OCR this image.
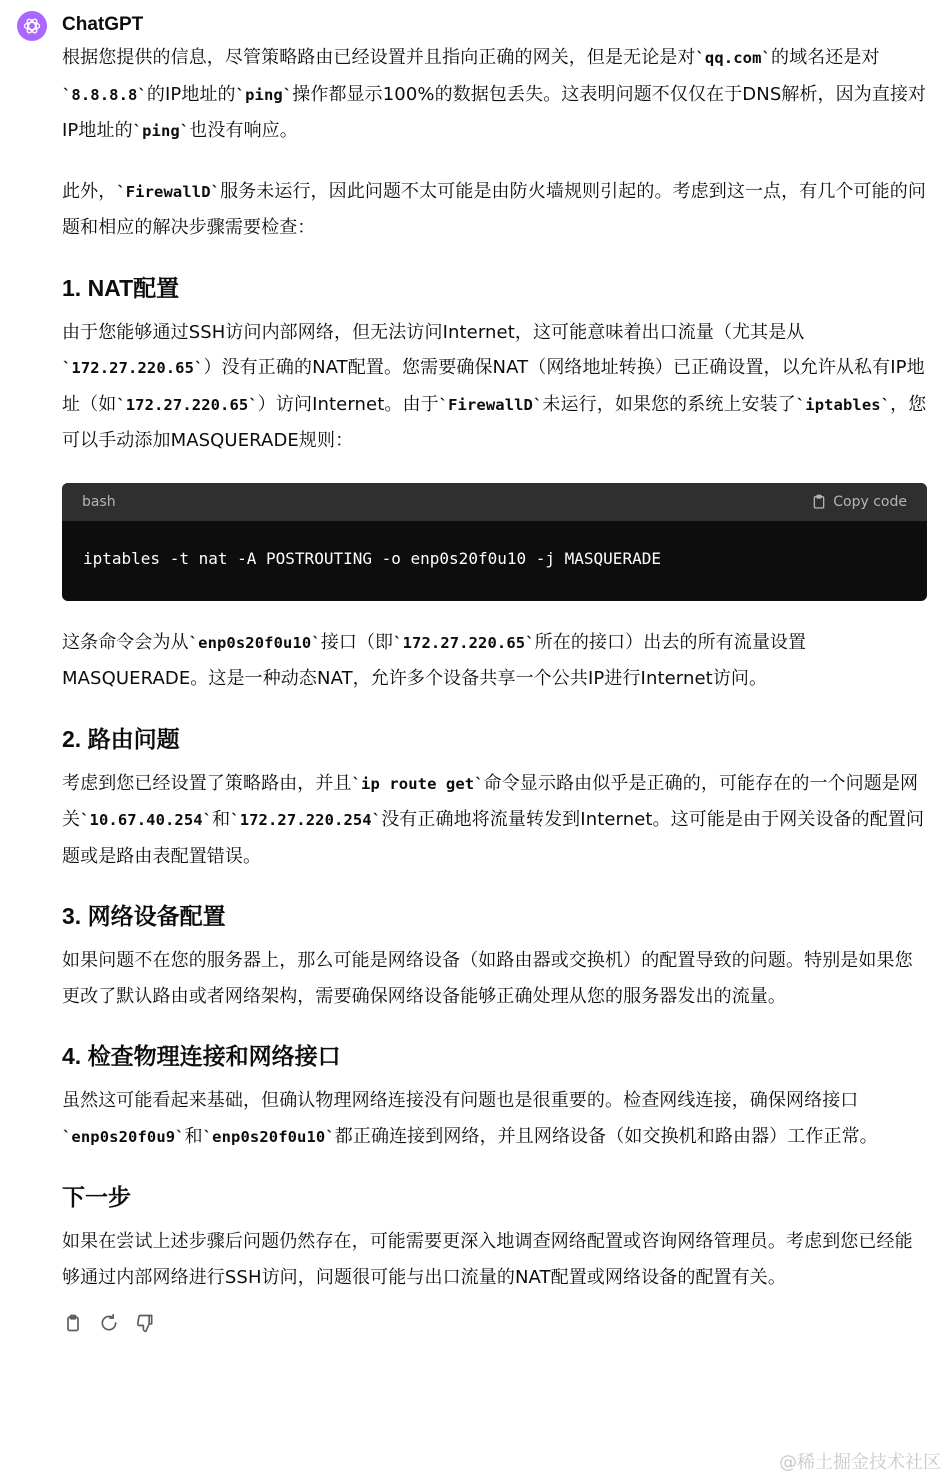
ChatGPT

根据您提供的信息，尽管策略路由已经设置并且指向正确的网关，但是无论是对`qq.com`的域名还是对`8.8.8.8`的IP地址的`ping`操作都显示100%的数据包丢失。这表明问题不仅仅在于DNS解析，因为直接对IP地址的`ping`也没有响应。

此外，`FirewallD`服务未运行，因此问题不太可能是由防火墙规则引起的。考虑到这一点，有几个可能的问题和相应的解决步骤需要检查：

1. NAT配置

由于您能够通过SSH访问内部网络，但无法访问Internet，这可能意味着出口流量（尤其是从`172.27.220.65`）没有正确的NAT配置。您需要确保NAT（网络地址转换）已正确设置，以允许从私有IP地址（如`172.27.220.65`）访问Internet。由于`FirewallD`未运行，如果您的系统上安装了`iptables`，您可以手动添加MASQUERADE规则：

bash	Copy code
iptables -t nat -A POSTROUTING -o enp0s20f0u10 -j MASQUERADE

这条命令会为从`enp0s20f0u10`接口（即`172.27.220.65`所在的接口）出去的所有流量设置MASQUERADE。这是一种动态NAT，允许多个设备共享一个公共IP进行Internet访问。

2. 路由问题

考虑到您已经设置了策略路由，并且`ip route get`命令显示路由似乎是正确的，可能存在的一个问题是网关`10.67.40.254`和`172.27.220.254`没有正确地将流量转发到Internet。这可能是由于网关设备的配置问题或是路由表配置错误。

3. 网络设备配置

如果问题不在您的服务器上，那么可能是网络设备（如路由器或交换机）的配置导致的问题。特别是如果您更改了默认路由或者网络架构，需要确保网络设备能够正确处理从您的服务器发出的流量。

4. 检查物理连接和网络接口

虽然这可能看起来基础，但确认物理网络连接没有问题也是很重要的。检查网线连接，确保网络接口`enp0s20f0u9`和`enp0s20f0u10`都正确连接到网络，并且网络设备（如交换机和路由器）工作正常。

下一步

如果在尝试上述步骤后问题仍然存在，可能需要更深入地调查网络配置或咨询网络管理员。考虑到您已经能够通过内部网络进行SSH访问，问题很可能与出口流量的NAT配置或网络设备的配置有关。

@稀土掘金技术社区
